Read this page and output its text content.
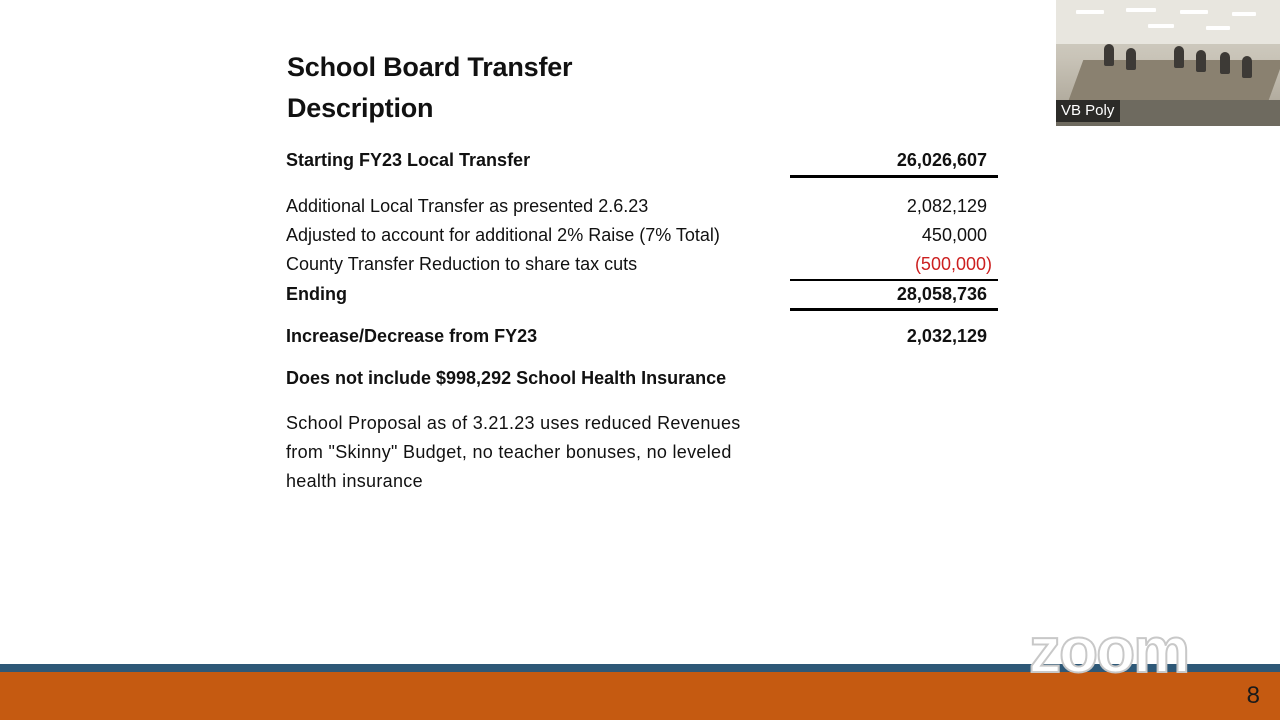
School Board Transfer
Description
Starting FY23 Local Transfer	26,026,607
Additional Local Transfer as presented 2.6.23	2,082,129
Adjusted to account for additional 2% Raise (7% Total)	450,000
County Transfer Reduction to share tax cuts	(500,000)
Ending	28,058,736
Increase/Decrease from FY23	2,032,129
Does not include $998,292 School Health Insurance
School Proposal as of 3.21.23 uses reduced Revenues
from "Skinny" Budget, no teacher bonuses, no leveled
health insurance
8
VB Poly
zoom
